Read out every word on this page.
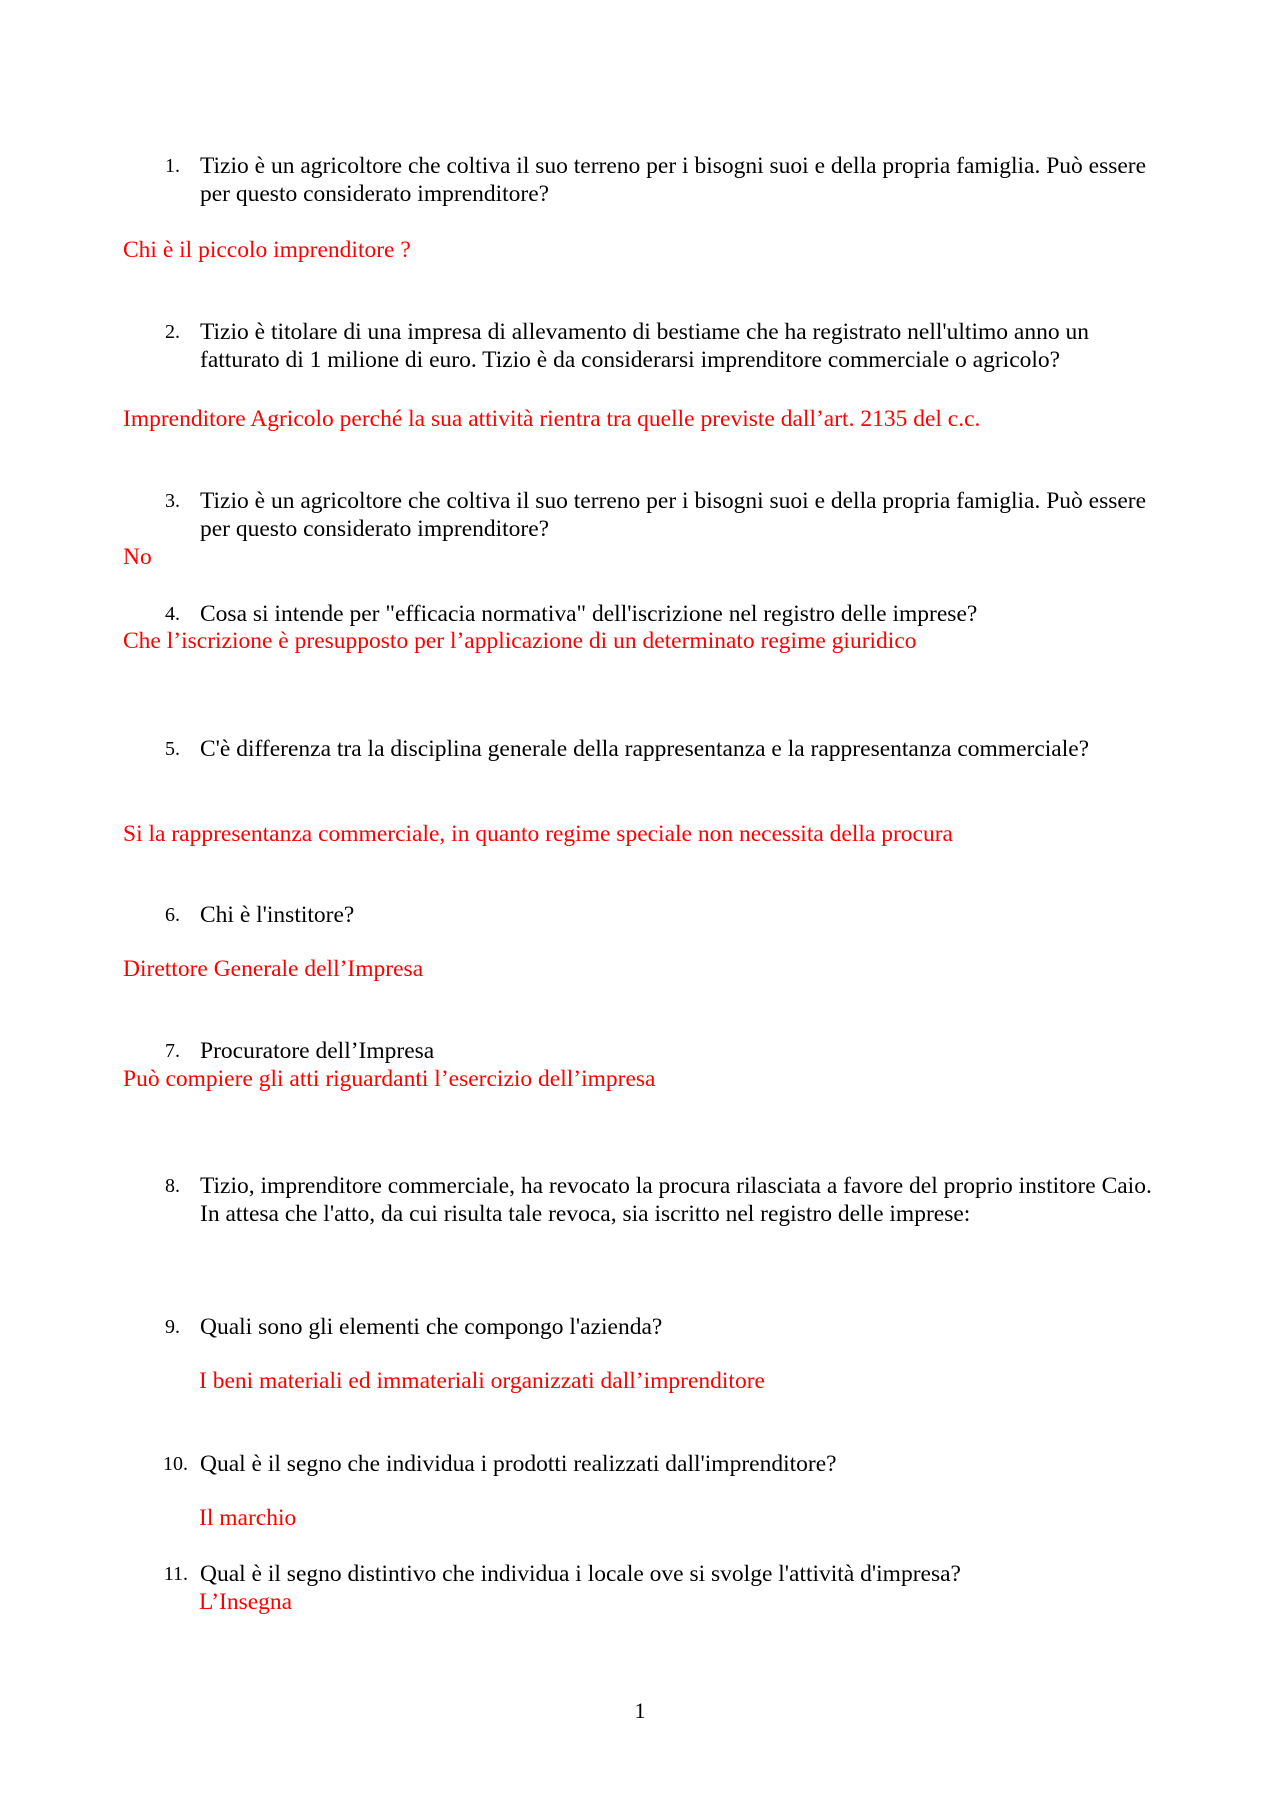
1. Tizio è un agricoltore che coltiva il suo terreno per i bisogni suoi e della propria famiglia. Può essere per questo considerato imprenditore?
Chi è il piccolo imprenditore ?
2. Tizio è titolare di una impresa di allevamento di bestiame che ha registrato nell'ultimo anno un fatturato di 1 milione di euro. Tizio è da considerarsi imprenditore commerciale o agricolo?
Imprenditore Agricolo perché la sua attività rientra tra quelle previste dall’art. 2135 del c.c.
3. Tizio è un agricoltore che coltiva il suo terreno per i bisogni suoi e della propria famiglia. Può essere per questo considerato imprenditore?
No
4. Cosa si intende per "efficacia normativa" dell'iscrizione nel registro delle imprese?
Che l’iscrizione è presupposto per l’applicazione di un determinato regime giuridico
5. C'è differenza tra la disciplina generale della rappresentanza e la rappresentanza commerciale?
Si la rappresentanza commerciale, in quanto regime speciale non necessita della procura
6. Chi è l'institore?
Direttore Generale dell’Impresa
7. Procuratore dell’Impresa
Può compiere gli atti riguardanti l’esercizio dell’impresa
8. Tizio, imprenditore commerciale, ha revocato la procura rilasciata a favore del proprio institore Caio. In attesa che l'atto, da cui risulta tale revoca, sia iscritto nel registro delle imprese:
9. Quali sono gli elementi che compongo l'azienda?
I beni materiali ed immateriali organizzati dall’imprenditore
10. Qual è il segno che individua i prodotti realizzati dall'imprenditore?
Il marchio
11. Qual è il segno distintivo che individua i locale ove si svolge l'attività d'impresa?
L’Insegna
1
